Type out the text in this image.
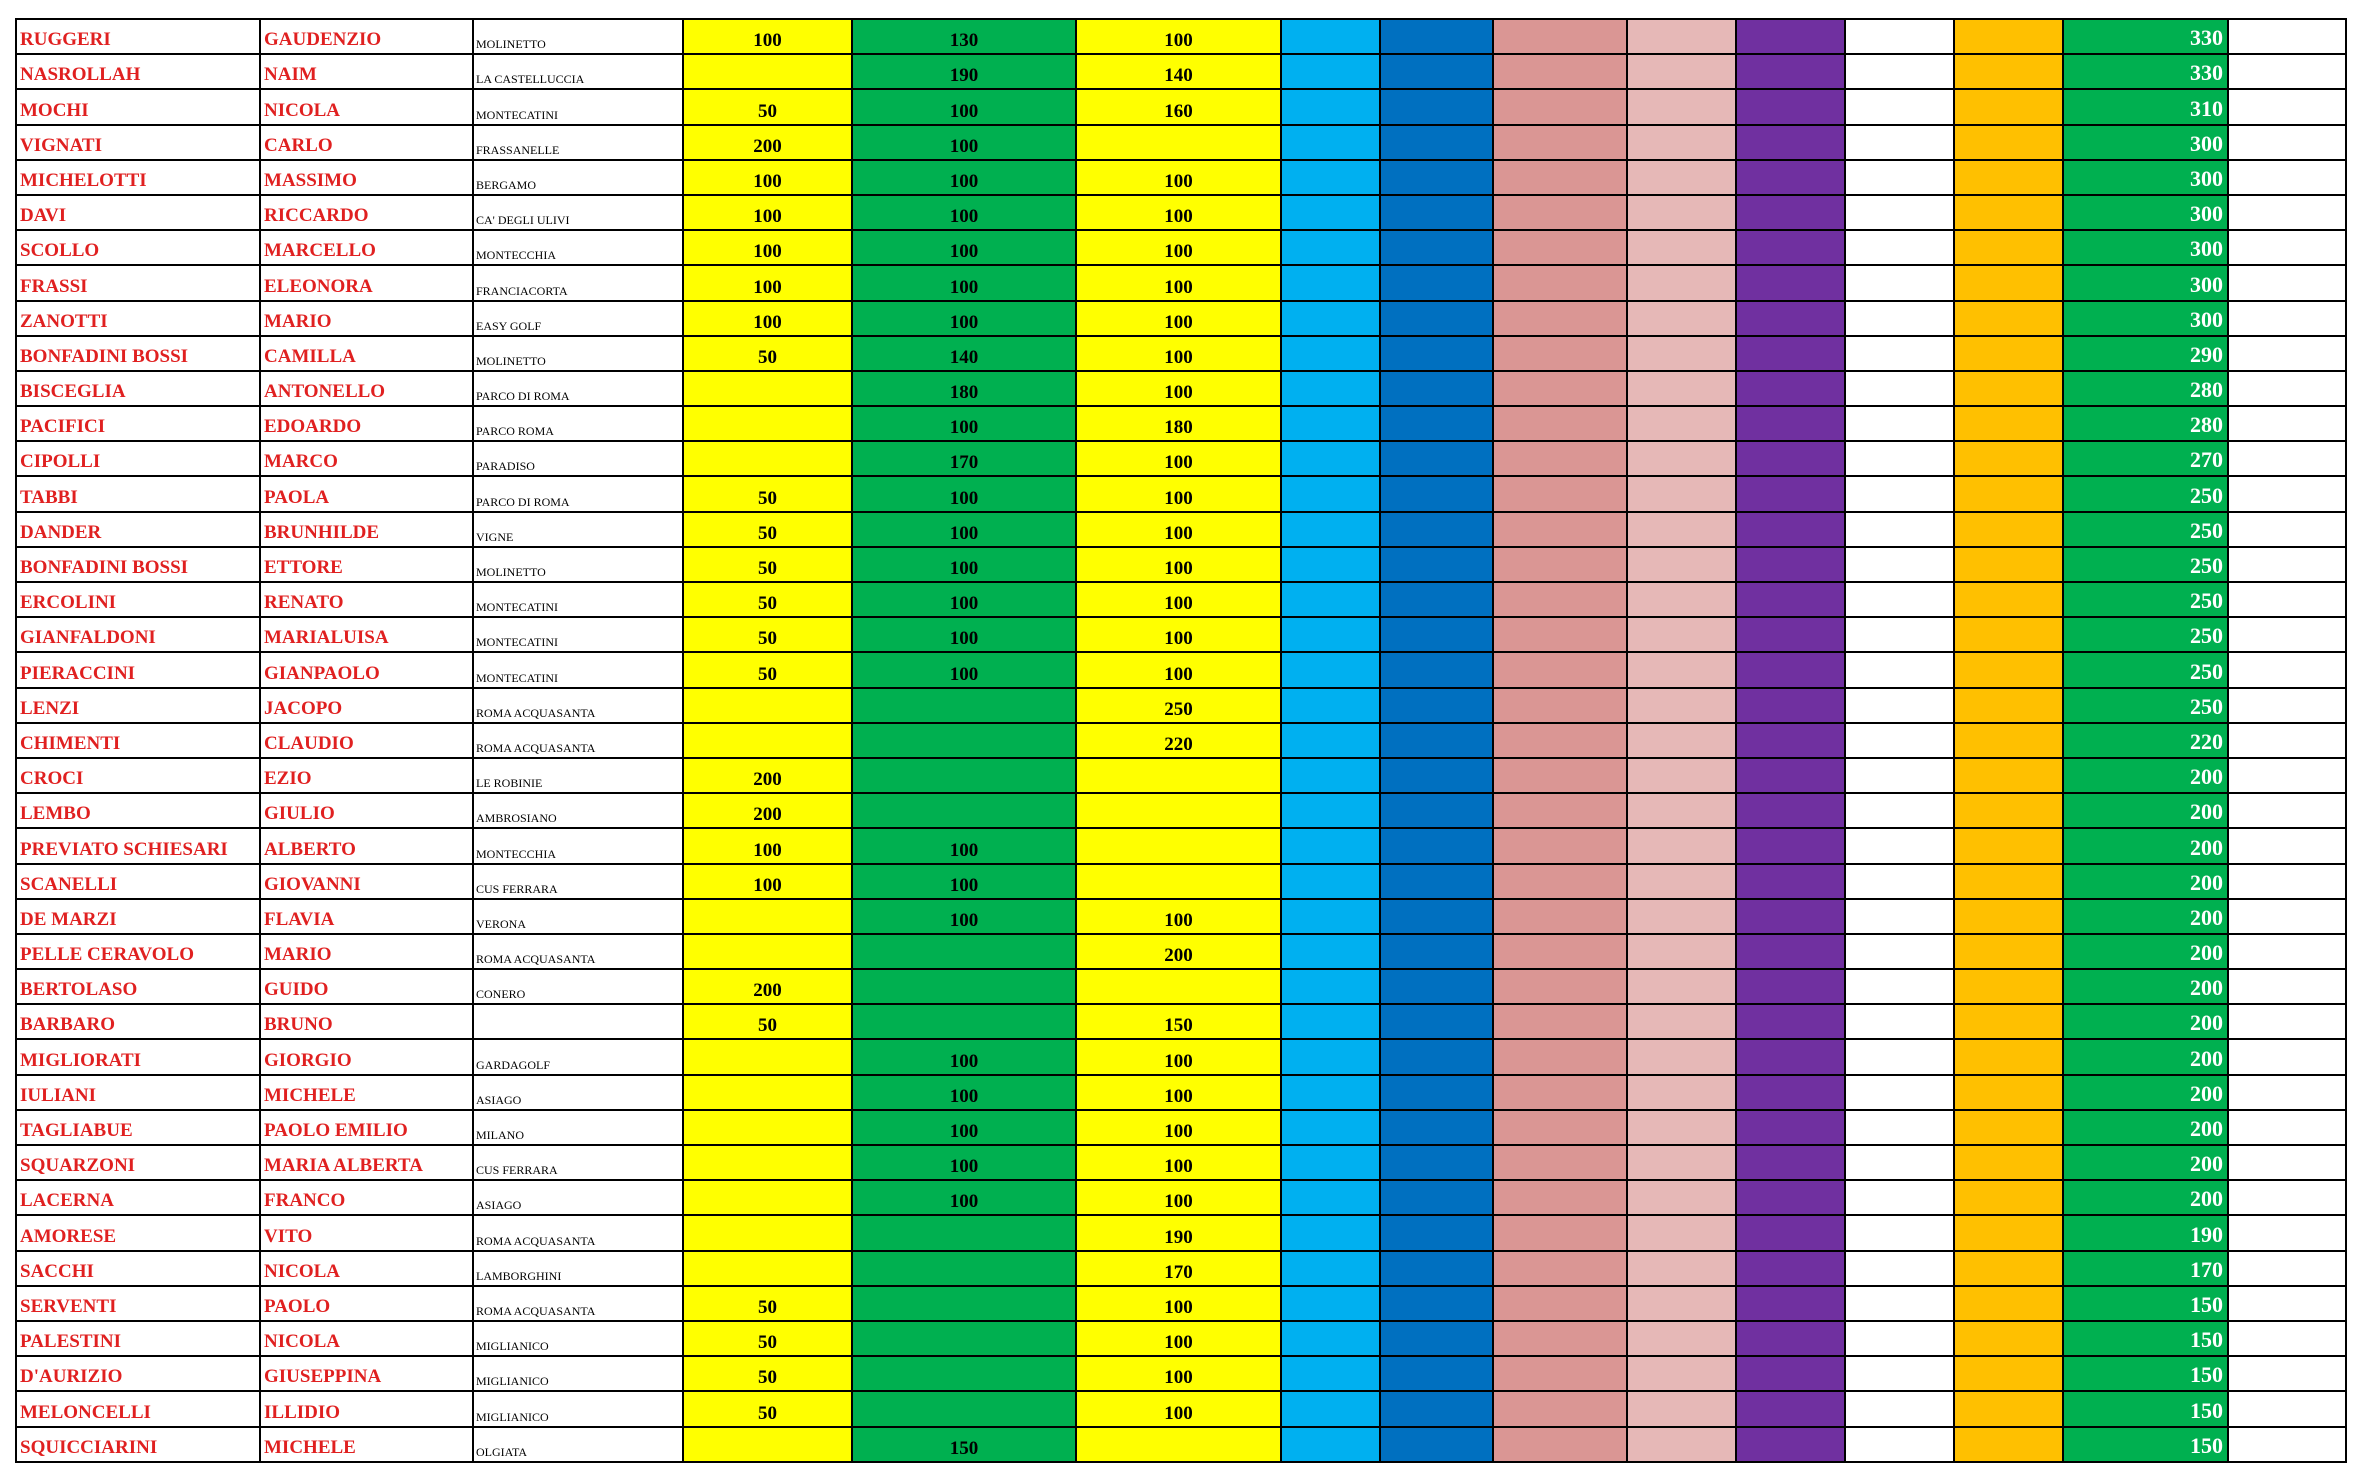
RUGGERI	GAUDENZIO	MOLINETTO	100	130	100								330	
NASROLLAH	NAIM	LA CASTELLUCCIA		190	140								330	
MOCHI	NICOLA	MONTECATINI	50	100	160								310	
VIGNATI	CARLO	FRASSANELLE	200	100									300	
MICHELOTTI	MASSIMO	BERGAMO	100	100	100								300	
DAVI	RICCARDO	CA' DEGLI ULIVI	100	100	100								300	
SCOLLO	MARCELLO	MONTECCHIA	100	100	100								300	
FRASSI	ELEONORA	FRANCIACORTA	100	100	100								300	
ZANOTTI	MARIO	EASY GOLF	100	100	100								300	
BONFADINI BOSSI	CAMILLA	MOLINETTO	50	140	100								290	
BISCEGLIA	ANTONELLO	PARCO DI ROMA		180	100								280	
PACIFICI	EDOARDO	PARCO ROMA		100	180								280	
CIPOLLI	MARCO	PARADISO		170	100								270	
TABBI	PAOLA	PARCO DI ROMA	50	100	100								250	
DANDER	BRUNHILDE	VIGNE	50	100	100								250	
BONFADINI BOSSI	ETTORE	MOLINETTO	50	100	100								250	
ERCOLINI	RENATO	MONTECATINI	50	100	100								250	
GIANFALDONI	MARIALUISA	MONTECATINI	50	100	100								250	
PIERACCINI	GIANPAOLO	MONTECATINI	50	100	100								250	
LENZI	JACOPO	ROMA ACQUASANTA			250								250	
CHIMENTI	CLAUDIO	ROMA ACQUASANTA			220								220	
CROCI	EZIO	LE ROBINIE	200										200	
LEMBO	GIULIO	AMBROSIANO	200										200	
PREVIATO SCHIESARI	ALBERTO	MONTECCHIA	100	100									200	
SCANELLI	GIOVANNI	CUS FERRARA	100	100									200	
DE MARZI	FLAVIA	VERONA		100	100								200	
PELLE CERAVOLO	MARIO	ROMA ACQUASANTA			200								200	
BERTOLASO	GUIDO	CONERO	200										200	
BARBARO	BRUNO		50		150								200	
MIGLIORATI	GIORGIO	GARDAGOLF		100	100								200	
IULIANI	MICHELE	ASIAGO		100	100								200	
TAGLIABUE	PAOLO EMILIO	MILANO		100	100								200	
SQUARZONI	MARIA ALBERTA	CUS FERRARA		100	100								200	
LACERNA	FRANCO	ASIAGO		100	100								200	
AMORESE	VITO	ROMA ACQUASANTA			190								190	
SACCHI	NICOLA	LAMBORGHINI			170								170	
SERVENTI	PAOLO	ROMA ACQUASANTA	50		100								150	
PALESTINI	NICOLA	MIGLIANICO	50		100								150	
D'AURIZIO	GIUSEPPINA	MIGLIANICO	50		100								150	
MELONCELLI	ILLIDIO	MIGLIANICO	50		100								150	
SQUICCIARINI	MICHELE	OLGIATA		150									150	
